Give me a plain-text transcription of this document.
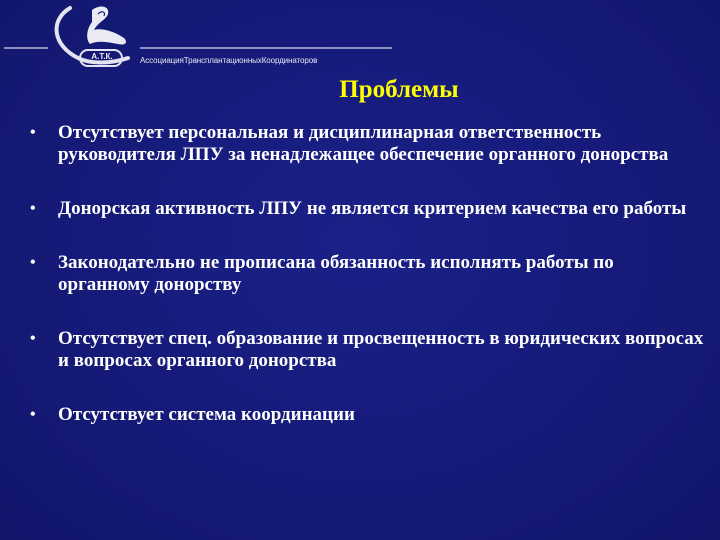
А.Т.К.	АссоциацияТрансплантационныхКоординаторов
Проблемы
• Отсутствует персональная и дисциплинарная ответственность руководителя ЛПУ за ненадлежащее обеспечение органного донорства
• Донорская активность ЛПУ не является критерием качества его работы
• Законодательно не прописана обязанность исполнять работы по органному донорству
• Отсутствует спец. образование и просвещенность в юридических вопросах и вопросах органного донорства
• Отсутствует система координации
